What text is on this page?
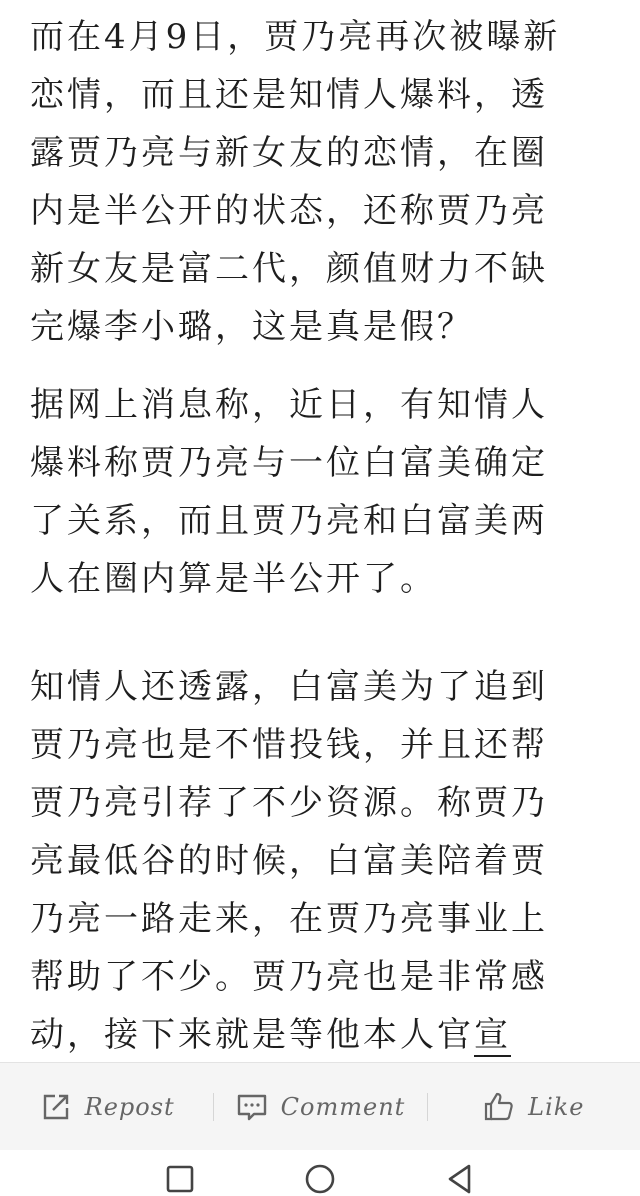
而在4月9日，贾乃亮再次被曝新
恋情，而且还是知情人爆料，透
露贾乃亮与新女友的恋情，在圈
内是半公开的状态，还称贾乃亮
新女友是富二代，颜值财力不缺
完爆李小璐，这是真是假？
据网上消息称，近日，有知情人
爆料称贾乃亮与一位白富美确定
了关系，而且贾乃亮和白富美两
人在圈内算是半公开了。
知情人还透露，白富美为了追到
贾乃亮也是不惜投钱，并且还帮
贾乃亮引荐了不少资源。称贾乃
亮最低谷的时候，白富美陪着贾
乃亮一路走来，在贾乃亮事业上
帮助了不少。贾乃亮也是非常感
动，接下来就是等他本人官宣
Repost	Comment	Like
